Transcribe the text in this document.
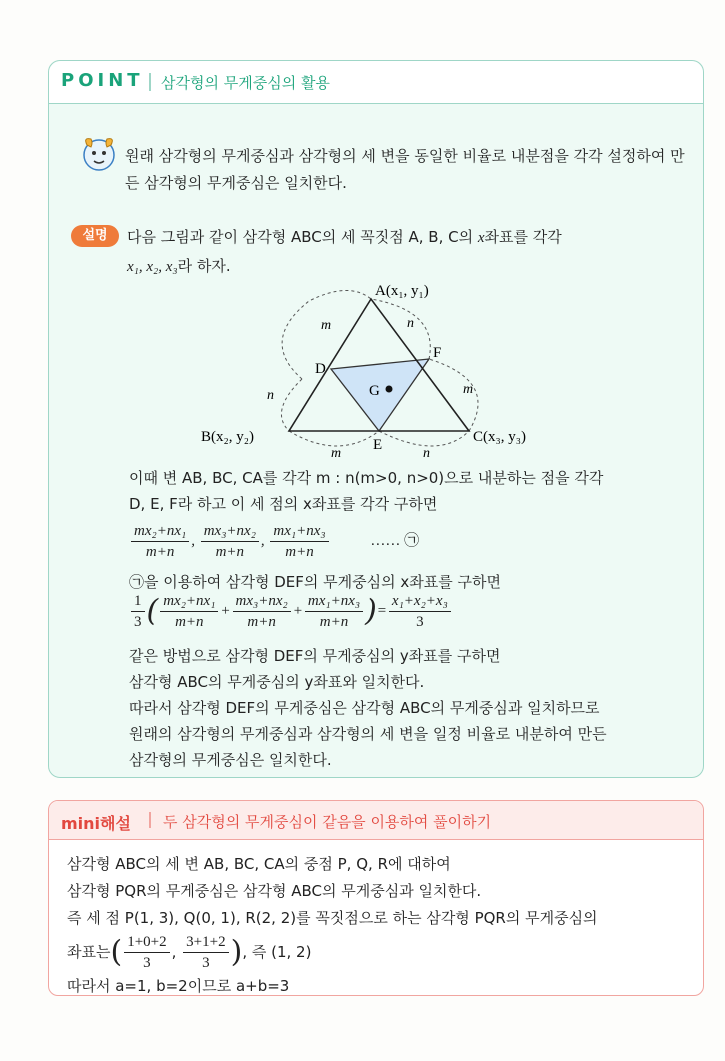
POINT 삼각형의 무게중심의 활용
원래 삼각형의 무게중심과 삼각형의 세 변을 동일한 비율로 내분점을 각각 설정하여 만든 삼각형의 무게중심은 일치한다.
설명	다음 그림과 같이 삼각형 ABC의 세 꼭짓점 A, B, C의 x좌표를 각각
x₁, x₂, x₃라 하자.
A(x₁, y₁)
B(x₂, y₂)	C(x₃, y₃)
D
E
F
G
m	n
n	m
m	n
이때 변 AB, BC, CA를 각각 m : n(m>0, n>0)으로 내분하는 점을 각각
D, E, F라 하고 이 세 점의 x좌표를 각각 구하면
$\frac{\text{mx₂+nx₁}}{m+n}$ , $\frac{\text{mx₃+nx₂}}{m+n}$ , $\frac{\text{mx₁+nx₃}}{m+n}$	…… ㉠
㉠을 이용하여 삼각형 DEF의 무게중심의 x좌표를 구하면
$\frac{1}{3}$ ( $\frac{\text{mx₂+nx₁}}{m+n} + \frac{\text{mx₃+nx₂}}{m+n} + \frac{\text{mx₁+nx₃}}{m+n}$ )= $\frac{\text{x₁+x₂+x₃}}{3}$
같은 방법으로 삼각형 DEF의 무게중심의 y좌표를 구하면
삼각형 ABC의 무게중심의 y좌표와 일치한다.
따라서 삼각형 DEF의 무게중심은 삼각형 ABC의 무게중심과 일치하므로
원래의 삼각형의 무게중심과 삼각형의 세 변을 일정 비율로 내분하여 만든
삼각형의 무게중심은 일치한다.
mini해설 두 삼각형의 무게중심이 같음을 이용하여 풀이하기
삼각형 ABC의 세 변 AB, BC, CA의 중점 P, Q, R에 대하여
삼각형 PQR의 무게중심은 삼각형 ABC의 무게중심과 일치한다.
즉 세 점 P(1, 3), Q(0, 1), R(2, 2)를 꼭짓점으로 하는 삼각형 PQR의 무게중심의
좌표는( $\frac{1+0+2}{3}$ , $\frac{3+1+2}{3}$ ), 즉 (1, 2)
따라서 a=1, b=2이므로 a+b=3
